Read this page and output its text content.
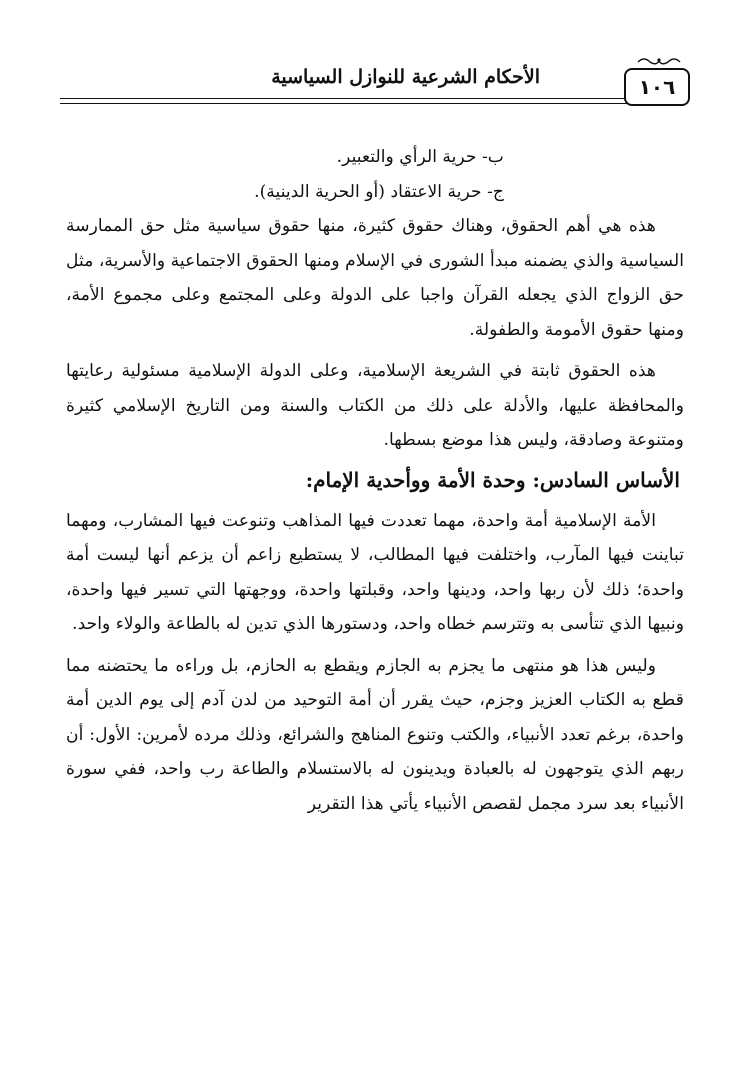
الأحكام الشرعية للنوازل السياسية	١٠٦

ب- حرية الرأي والتعبير.

ج- حرية الاعتقاد (أو الحرية الدينية).

هذه هي أهم الحقوق، وهناك حقوق كثيرة، منها حقوق سياسية مثل حق الممارسة السياسية والذي يضمنه مبدأ الشورى في الإسلام ومنها الحقوق الاجتماعية والأسرية، مثل حق الزواج الذي يجعله القرآن واجبا على الدولة وعلى المجتمع وعلى مجموع الأمة، ومنها حقوق الأمومة والطفولة.

هذه الحقوق ثابتة في الشريعة الإسلامية، وعلى الدولة الإسلامية مسئولية رعايتها والمحافظة عليها، والأدلة على ذلك من الكتاب والسنة ومن التاريخ الإسلامي كثيرة ومتنوعة وصادقة، وليس هذا موضع بسطها.

الأساس السادس: وحدة الأمة ووأحدية الإمام:

الأمة الإسلامية أمة واحدة، مهما تعددت فيها المذاهب وتنوعت فيها المشارب، ومهما تباينت فيها المآرب، واختلفت فيها المطالب، لا يستطيع زاعم أن يزعم أنها ليست أمة واحدة؛ ذلك لأن ربها واحد، ودينها واحد، وقبلتها واحدة، ووجهتها التي تسير فيها واحدة، ونبيها الذي تتأسى به وتترسم خطاه واحد، ودستورها الذي تدين له بالطاعة والولاء واحد.

وليس هذا هو منتهى ما يجزم به الجازم ويقطع به الحازم، بل وراءه ما يحتضنه مما قطع به الكتاب العزيز وجزم، حيث يقرر أن أمة التوحيد من لدن آدم إلى يوم الدين أمة واحدة، برغم تعدد الأنبياء، والكتب وتنوع المناهج والشرائع، وذلك مرده لأمرين: الأول: أن ربهم الذي يتوجهون له بالعبادة ويدينون له بالاستسلام والطاعة رب واحد، ففي سورة الأنبياء بعد سرد مجمل لقصص الأنبياء يأتي هذا التقرير
